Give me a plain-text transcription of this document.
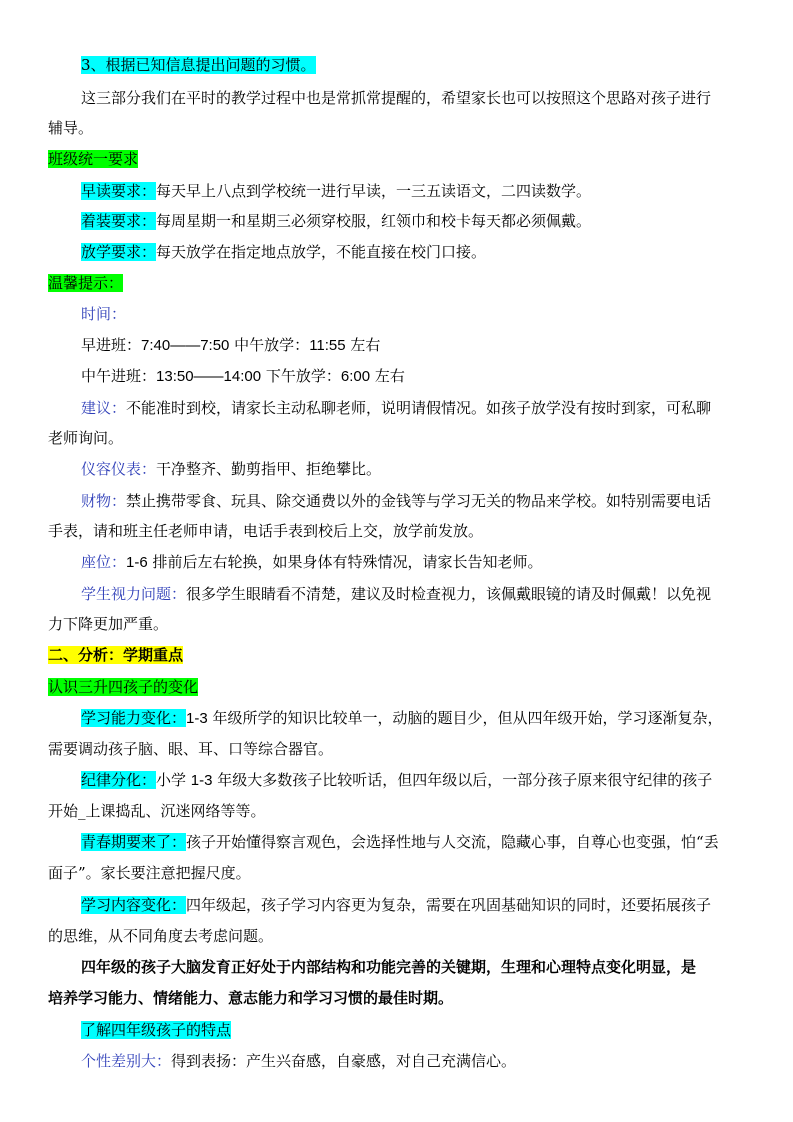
3、根据已知信息提出问题的习惯。
这三部分我们在平时的教学过程中也是常抓常提醒的，希望家长也可以按照这个思路对孩子进行
辅导。
班级统一要求
早读要求：每天早上八点到学校统一进行早读，一三五读语文，二四读数学。
着装要求：每周星期一和星期三必须穿校服，红领巾和校卡每天都必须佩戴。
放学要求：每天放学在指定地点放学，不能直接在校门口接。
温馨提示：
时间：
早进班：7:40——7:50 中午放学：11:55 左右
中午进班：13:50——14:00 下午放学：6:00 左右
建议：不能准时到校，请家长主动私聊老师，说明请假情况。如孩子放学没有按时到家，可私聊
老师询问。
仪容仪表：干净整齐、勤剪指甲、拒绝攀比。
财物：禁止携带零食、玩具、除交通费以外的金钱等与学习无关的物品来学校。如特别需要电话
手表，请和班主任老师申请，电话手表到校后上交，放学前发放。
座位：1-6 排前后左右轮换，如果身体有特殊情况，请家长告知老师。
学生视力问题：很多学生眼睛看不清楚，建议及时检查视力，该佩戴眼镜的请及时佩戴！以免视
力下降更加严重。
二、分析：学期重点
认识三升四孩子的变化
学习能力变化：1-3 年级所学的知识比较单一，动脑的题目少，但从四年级开始，学习逐渐复杂，
需要调动孩子脑、眼、耳、口等综合器官。
纪律分化：小学 1-3 年级大多数孩子比较听话，但四年级以后，一部分孩子原来很守纪律的孩子
开始_上课捣乱、沉迷网络等等。
青春期要来了：孩子开始懂得察言观色，会选择性地与人交流，隐藏心事，自尊心也变强，怕“丢
面子”。家长要注意把握尺度。
学习内容变化：四年级起，孩子学习内容更为复杂，需要在巩固基础知识的同时，还要拓展孩子
的思维，从不同角度去考虑问题。
四年级的孩子大脑发育正好处于内部结构和功能完善的关键期，生理和心理特点变化明显，是
培养学习能力、情绪能力、意志能力和学习习惯的最佳时期。
了解四年级孩子的特点
个性差别大：得到表扬：产生兴奋感，自豪感，对自己充满信心。
